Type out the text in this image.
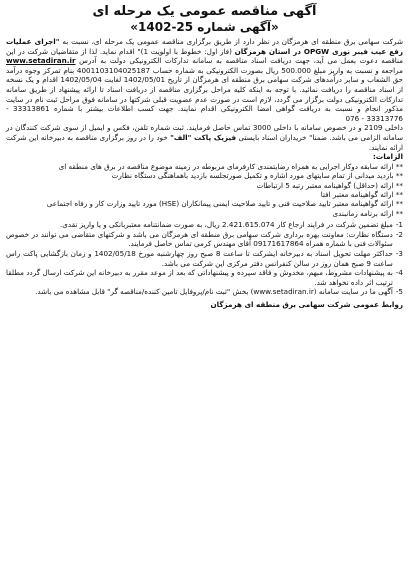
آگهی مناقصه عمومی یک مرحله ای
«آگهی شماره 25-1402»

شرکت سهامی برق منطقه ای هرمزگان در نظر دارد از طریق برگزاری مناقصه عمومی یک مرحله ای، نسبت به "اجرای عملیات رفع عیب فیبر نوری OPGW در استان هرمزگان (فاز اول: خطوط با اولویت 1)" اقدام نماید. لذا از متقاضیان شرکت در این مناقصه دعوت بعمل می آید، جهت دریافت اسناد مناقصه به سامانه تدارکات الکترونیکی دولت به آدرس www.setadiran.ir مراجعه و نسبت به واریز مبلغ 500.000 ریال بصورت الکترونیکی به شماره حساب 4001103104025187 بنام تمرکز وجوه درآمد حق الشعاب و سایر درآمدهای شرکت سهامی برق منطقه ای هرمزگان از تاریخ 1402/05/01 لغایت 1402/05/04 اقدام و یک نسخه از اسناد مناقصه را دریافت نمائید. با توجه به اینکه کلیه مراحل برگزاری مناقصه از دریافت اسناد تا ارائه پیشنهاد از طریق سامانه تدارکات الکترونیکی دولت برگزار می گردد، لازم است در صورت عدم عضویت قبلی شرکتها در سامانه فوق مراحل ثبت نام در سایت مذکور انجام و نسبت به دریافت گواهی امضا الکترونیکی اقدام نمایند. جهت کسب اطلاعات بیشتر با شماره 33313861 - 33313776 - 076

داخلی 2109 و در خصوص سامانه با داخلی 3000 تماس حاصل فرمایند. ثبت شماره تلفن، فکس و ایمیل از سوی شرکت کنندگان در سامانه الزامی می باشد. ضمنا" خریداران اسناد بایستی فیزیک پاکت "الف" خود را در روز برگزاری مناقصه به دبیرخانه این شرکت ارائه نمایند.

الزامات:
** ارائه سابقه دوکار اجرایی به همراه رضایتمندی کارفرمای مربوطه در زمینه موضوع مناقصه در برق های منطقه ای
** بازدید میدانی از تمام سایتهای مورد اشاره و تکمیل صورتجلسه بازدید باهماهنگی دستگاه نظارت
** ارائه (حداقل) گواهینامه معتبر رتبه 5 ارتباطات
** ارائه گواهینامه معتبر افتا
** ارائه گواهینامه معتبر تایید صلاحیت فنی و تایید صلاحیت ایمنی پیمانکاران (HSE) مورد تایید وزارت کار و رفاه اجتماعی
** ارائه برنامه زمانبندی
1-
مبلغ تضمین شرکت در فرایند ارجاع کار 2.421.615.074 ریال، به صورت ضمانتنامه معتبربانکی و یا واریز نقدی.
2-
دستگاه نظارت: معاونت بهره برداری شرکت سهامی برق منطقه ای هرمزگان می باشد و شرکتهای متقاضی می توانند در خصوص سئوالات فنی با شماره همراه 09171617864 آقای مهندس کرمی تماس حاصل فرمایند.
3-
حداکثر مهلت تحویل اسناد به دبیرخانه ایشرکت تا ساعت 8 صبح روز چهارشنبه مورخ 1402/05/18 و زمان بازگشایی پاکت راس ساعت 9 صبح همان روز در سالن کنفرانس دفتر مرکزی این شرکت می باشد.
4-
به پیشنهادات مشروط، مبهم، مخدوش و فاقد سپرده و پیشنهاداتی که بعد از موعد مقرر به دبیرخانه این شرکت ارسال گردد مطلقا ترتیب اثر داده نخواهد شد.
5-
آگهی ما در سایت سامانه (www.setadiran.ir) بخش "ثبت نام/پروفایل تامین کننده/مناقصه گر" قابل مشاهده می باشد.
روابط عمومی شرکت سهامی برق منطقه ای هرمزگان
